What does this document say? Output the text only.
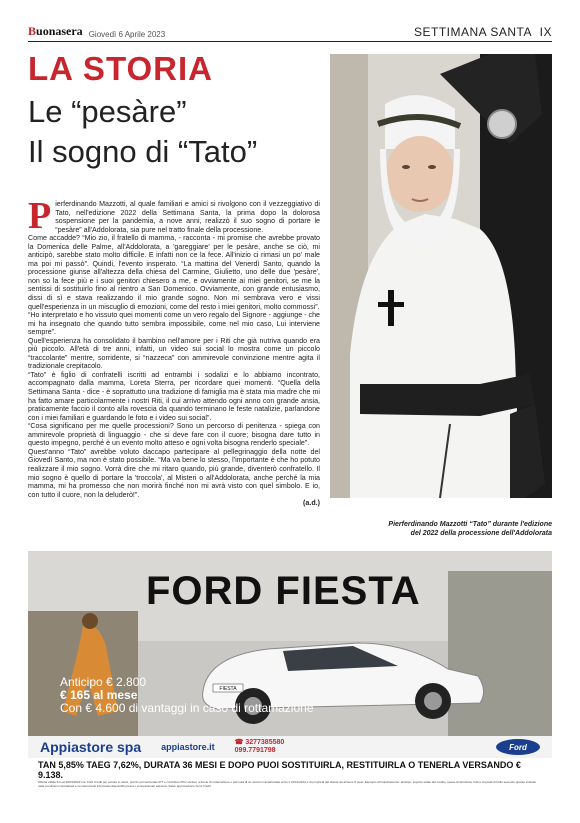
Buonasera Giovedì 6 Aprile 2023	SETTIMANA SANTA IX
LA STORIA
Le “pesàre”
Il sogno di “Tato”
P ierferdinando Mazzotti, al quale familiari e amici si rivolgono con il vezzeggiativo di Tato, nell'edizione 2022 della Settimana Santa, la prima dopo la dolorosa sospensione per la pandemia, a nove anni, realizzò il suo sogno di portare le “pesàre” all'Addolorata, sia pure nel tratto finale della processione.

Come accadde? “Mio zio, il fratello di mamma, - racconta - mi promise che avrebbe provato la Domenica delle Palme, all'Addolorata, a 'gareggiare' per le pesàre, anche se ciò, mi anticipò, sarebbe stato molto difficile. E infatti non ce la fece. All'inizio ci rimasi un po' male ma poi mi passò”. Quindi, l'evento insperato. “La mattina del Venerdì Santo, quando la processione giunse all'altezza della chiesa del Carmine, Giulietto, uno delle due 'pesàre', non so la fece più e i suoi genitori chiesero a me, e ovviamente ai miei genitori, se me la sentissi di sostituirlo fino al rientro a San Domenico. Ovviamente, con grande entusiasmo, dissi di sì e stava realizzando il mio grande sogno. Non mi sembrava vero e vissi quell'esperienza in un miscuglio di emozioni, come del resto i miei genitori, molto commossi”.

“Ho interpretato e ho vissuto quei momenti come un vero regalo del Signore - aggiunge - che mi ha insegnato che quando tutto sembra impossibile, come nel mio caso, Lui interviene sempre”.

Quell'esperienza ha consolidato il bambino nell'amore per i Riti che già nutriva quando era più piccolo. All'età di tre anni, infatti, un video sui social lo mostra come un piccolo “traccolante” mentre, sorridente, si “nazzeca” con ammirevole convinzione mentre agita il tradizionale crepitacolo.

“Tato” è figlio di confratelli iscritti ad entrambi i sodalizi e lo abbiamo incontrato, accompagnato dalla mamma, Loreta Sterra, per ricordare quei momenti. “Quella della Settimana Santa - dice - è soprattutto una tradizione di famiglia ma è stata mia madre che mi ha fatto amare particolarmente i nostri Riti, il cui arrivo attendo ogni anno con grande ansia, praticamente faccio il conto alla rovescia da quando terminano le feste natalizie, parlandone con i miei familiari e guardando le foto e i video sui social”.

“Cosa significano per me quelle processioni? Sono un percorso di penitenza - spiega con ammirevole proprietà di linguaggio - che si deve fare con il cuore; bisogna dare tutto in questo impegno, perché è un evento molto atteso e ogni volta bisogna renderlo speciale”.

Quest'anno “Tato” avrebbe voluto daccapo partecipare al pellegrinaggio della notte del Giovedì Santo, ma non è stato possibile. “Ma va bene lo stesso, l'importante è che ho potuto realizzare il mio sogno. Vorrà dire che mi ritaro quando, più grande, diventerò confratello. Il mio sogno è quello di portare la 'troccola', al Misteri o all'Addolorata, anche perché la mia mamma, mi ha promesso che non morirà finché non mi avrà visto con quel simbolo. E io, con tutto il cuore, non la deluderò!”.

(a.d.)

Pierferdinando Mazzotti “Tato” durante l'edizione
del 2022 della processione dell'Addolorata
FIESTA
FORD FIESTA
Anticipo € 2.800
€ 165 al mese
Con € 4.600 di vantaggi in caso di rottamazione
Appiastore spa appiastore.it	☎ 3277385580
099.7791798	Ford
TAN 5,85% TAEG 7,62%, DURATA 36 MESI E DOPO PUOI SOSTITUIRLA, RESTITUIRLA O TENERLA VERSANDO € 9.138.
Offerta valida fino al 30/04/2023 con Ford Credit per vetture in stock, prezzo promozionale IPT e contributo PFU esclusi, a fronte di rottamazione o permuta di un veicolo immatricolato entro il 31/12/2012 e di proprietà del cliente da almeno 6 mesi. Esempio di finanziamento: anticipo, importo totale del credito, spese di istruttoria, bolli e imposta di bollo secondo quanto indicato nelle condizioni contrattuali e nei documenti informativi disponibili presso i concessionari aderenti. Salvo approvazione Ford Credit.
